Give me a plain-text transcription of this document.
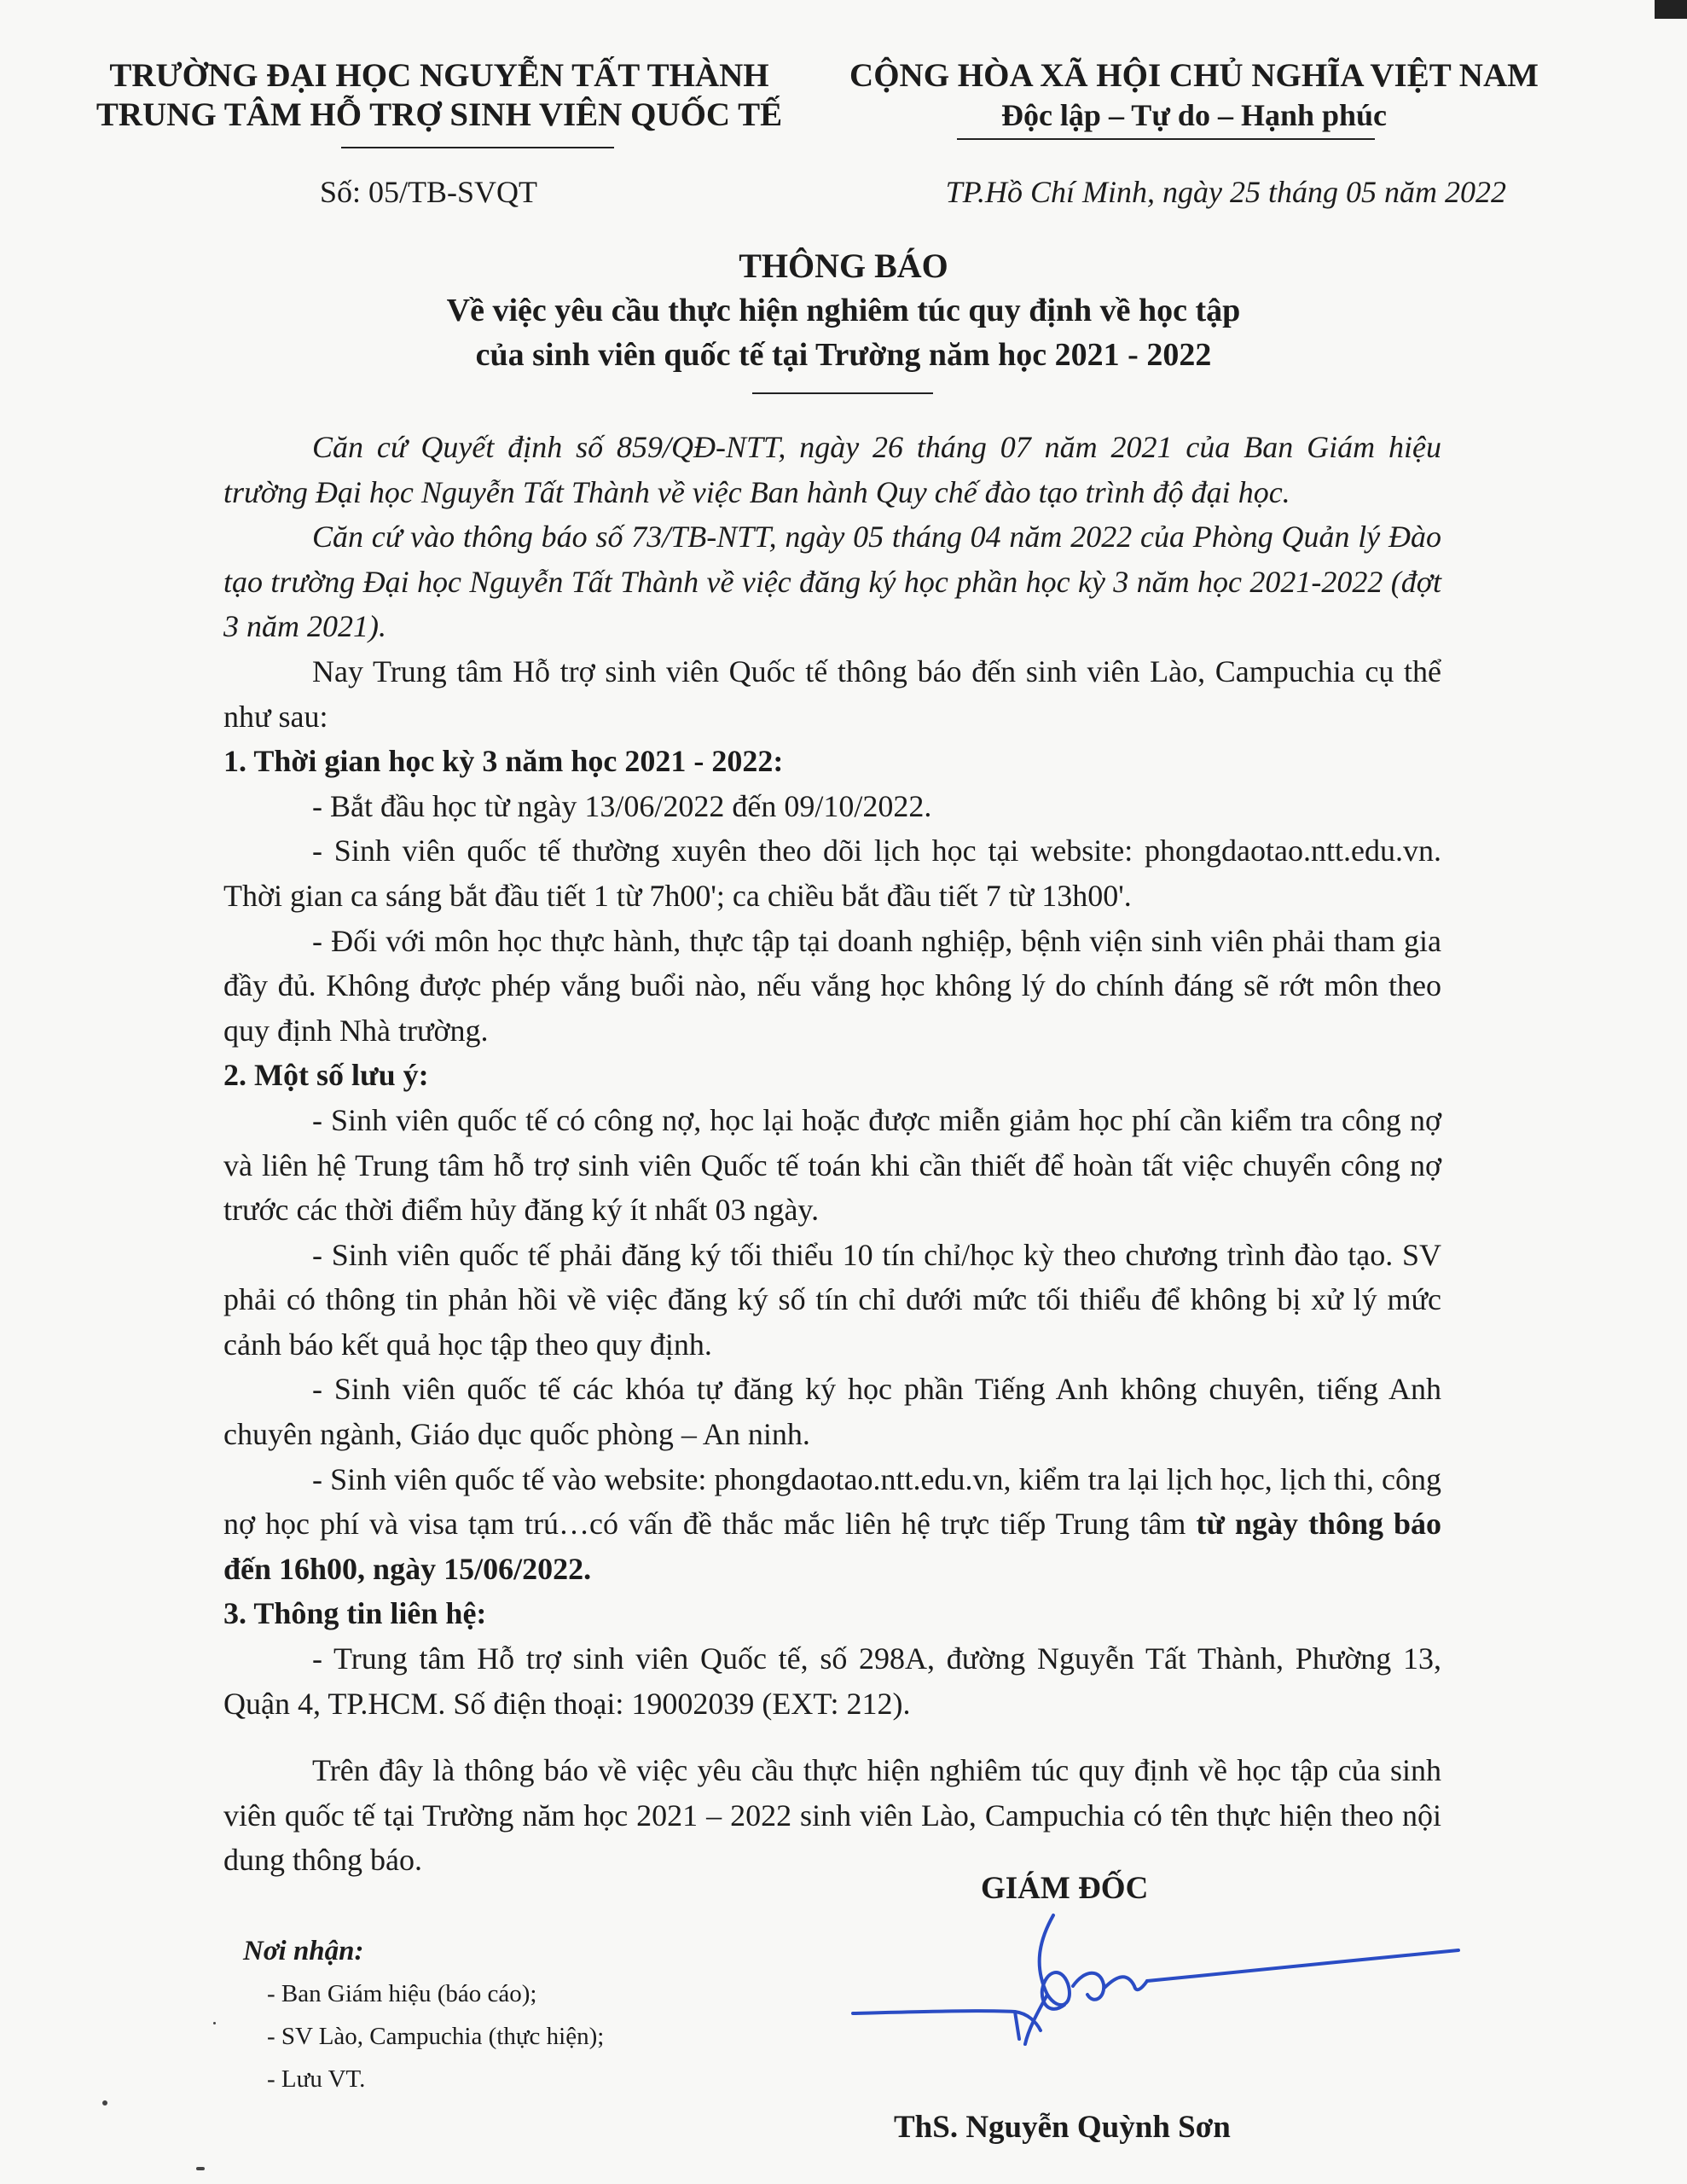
TRƯỜNG ĐẠI HỌC NGUYỄN TẤT THÀNH
TRUNG TÂM HỖ TRỢ SINH VIÊN QUỐC TẾ
CỘNG HÒA XÃ HỘI CHỦ NGHĨA VIỆT NAM
Độc lập – Tự do – Hạnh phúc
Số: 05/TB-SVQT	TP.Hồ Chí Minh, ngày 25 tháng 05 năm 2022
THÔNG BÁO
Về việc yêu cầu thực hiện nghiêm túc quy định về học tập
của sinh viên quốc tế tại Trường năm học 2021 - 2022

Căn cứ Quyết định số 859/QĐ-NTT, ngày 26 tháng 07 năm 2021 của Ban Giám hiệu trường Đại học Nguyễn Tất Thành về việc Ban hành Quy chế đào tạo trình độ đại học.

Căn cứ vào thông báo số 73/TB-NTT, ngày 05 tháng 04 năm 2022 của Phòng Quản lý Đào tạo trường Đại học Nguyễn Tất Thành về việc đăng ký học phần học kỳ 3 năm học 2021-2022 (đợt 3 năm 2021).

Nay Trung tâm Hỗ trợ sinh viên Quốc tế thông báo đến sinh viên Lào, Campuchia cụ thể như sau:

1. Thời gian học kỳ 3 năm học 2021 - 2022:

- Bắt đầu học từ ngày 13/06/2022 đến 09/10/2022.

- Sinh viên quốc tế thường xuyên theo dõi lịch học tại website: phongdaotao.ntt.edu.vn. Thời gian ca sáng bắt đầu tiết 1 từ 7h00'; ca chiều bắt đầu tiết 7 từ 13h00'.

- Đối với môn học thực hành, thực tập tại doanh nghiệp, bệnh viện sinh viên phải tham gia đầy đủ. Không được phép vắng buổi nào, nếu vắng học không lý do chính đáng sẽ rớt môn theo quy định Nhà trường.

2. Một số lưu ý:

- Sinh viên quốc tế có công nợ, học lại hoặc được miễn giảm học phí cần kiểm tra công nợ và liên hệ Trung tâm hỗ trợ sinh viên Quốc tế toán khi cần thiết để hoàn tất việc chuyển công nợ trước các thời điểm hủy đăng ký ít nhất 03 ngày.

- Sinh viên quốc tế phải đăng ký tối thiểu 10 tín chỉ/học kỳ theo chương trình đào tạo. SV phải có thông tin phản hồi về việc đăng ký số tín chỉ dưới mức tối thiểu để không bị xử lý mức cảnh báo kết quả học tập theo quy định.

- Sinh viên quốc tế các khóa tự đăng ký học phần Tiếng Anh không chuyên, tiếng Anh chuyên ngành, Giáo dục quốc phòng – An ninh.

- Sinh viên quốc tế vào website: phongdaotao.ntt.edu.vn, kiểm tra lại lịch học, lịch thi, công nợ học phí và visa tạm trú…có vấn đề thắc mắc liên hệ trực tiếp Trung tâm từ ngày thông báo đến 16h00, ngày 15/06/2022.

3. Thông tin liên hệ:

- Trung tâm Hỗ trợ sinh viên Quốc tế, số 298A, đường Nguyễn Tất Thành, Phường 13, Quận 4, TP.HCM. Số điện thoại: 19002039 (EXT: 212).

Trên đây là thông báo về việc yêu cầu thực hiện nghiêm túc quy định về học tập của sinh viên quốc tế tại Trường năm học 2021 – 2022 sinh viên Lào, Campuchia có tên thực hiện theo nội dung thông báo.

GIÁM ĐỐC
ThS. Nguyễn Quỳnh Sơn
Nơi nhận:
- Ban Giám hiệu (báo cáo);
- SV Lào, Campuchia (thực hiện);
- Lưu VT.
